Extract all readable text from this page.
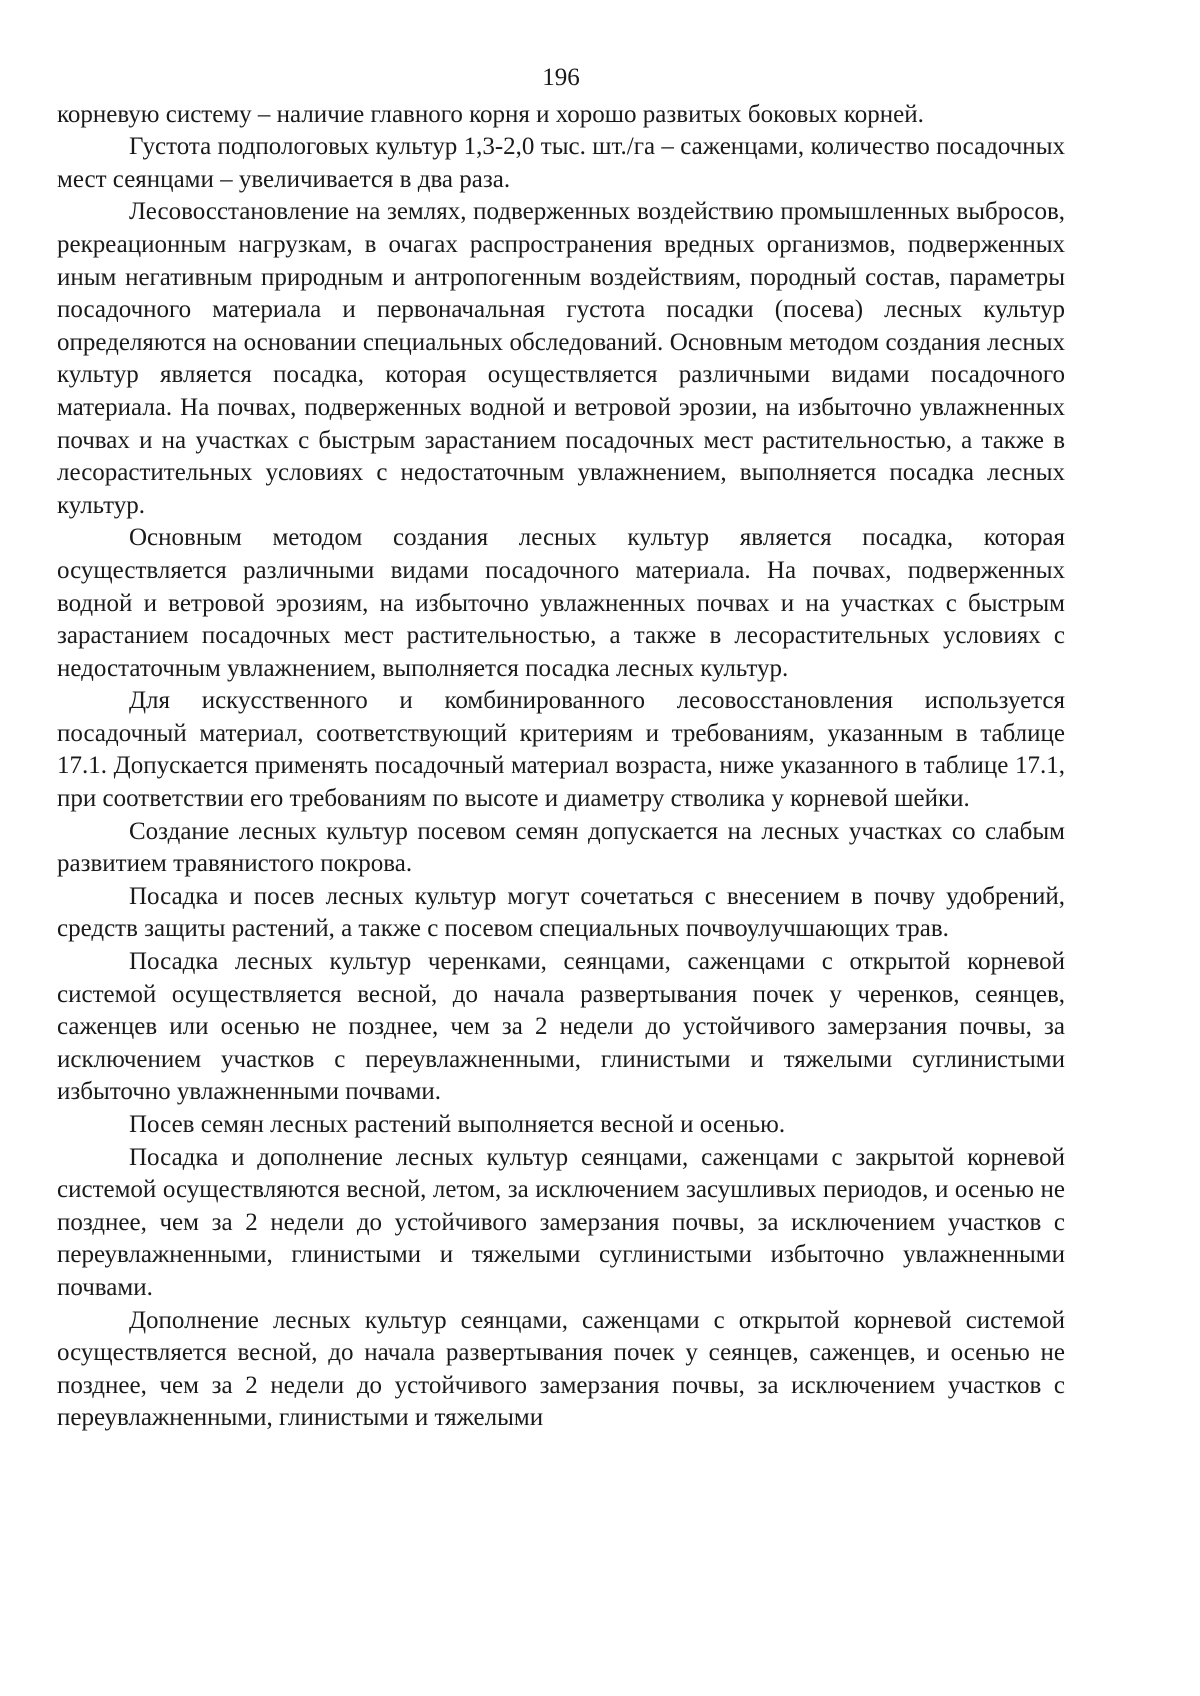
196

корневую систему – наличие главного корня и хорошо развитых боковых корней.

Густота подпологовых культур 1,3-2,0 тыс. шт./га – саженцами, количество посадочных мест сеянцами – увеличивается в два раза.

Лесовосстановление на землях, подверженных воздействию промышленных выбросов, рекреационным нагрузкам, в очагах распространения вредных организмов, подверженных иным негативным природным и антропогенным воздействиям, породный состав, параметры посадочного материала и первоначальная густота посадки (посева) лесных культур определяются на основании специальных обследований. Основным методом создания лесных культур является посадка, которая осуществляется различными видами посадочного материала. На почвах, подверженных водной и ветровой эрозии, на избыточно увлажненных почвах и на участках с быстрым зарастанием посадочных мест растительностью, а также в лесорастительных условиях с недостаточным увлажнением, выполняется посадка лесных культур.

Основным методом создания лесных культур является посадка, которая осуществляется различными видами посадочного материала. На почвах, подверженных водной и ветровой эрозиям, на избыточно увлажненных почвах и на участках с быстрым зарастанием посадочных мест растительностью, а также в лесорастительных условиях с недостаточным увлажнением, выполняется посадка лесных культур.

Для искусственного и комбинированного лесовосстановления используется посадочный материал, соответствующий критериям и требованиям, указанным в таблице 17.1. Допускается применять посадочный материал возраста, ниже указанного в таблице 17.1, при соответствии его требованиям по высоте и диаметру стволика у корневой шейки.

Создание лесных культур посевом семян допускается на лесных участках со слабым развитием травянистого покрова.

Посадка и посев лесных культур могут сочетаться с внесением в почву удобрений, средств защиты растений, а также с посевом специальных почвоулучшающих трав.

Посадка лесных культур черенками, сеянцами, саженцами с открытой корневой системой осуществляется весной, до начала развертывания почек у черенков, сеянцев, саженцев или осенью не позднее, чем за 2 недели до устойчивого замерзания почвы, за исключением участков с переувлажненными, глинистыми и тяжелыми суглинистыми избыточно увлажненными почвами.

Посев семян лесных растений выполняется весной и осенью.

Посадка и дополнение лесных культур сеянцами, саженцами с закрытой корневой системой осуществляются весной, летом, за исключением засушливых периодов, и осенью не позднее, чем за 2 недели до устойчивого замерзания почвы, за исключением участков с переувлажненными, глинистыми и тяжелыми суглинистыми избыточно увлажненными почвами.

Дополнение лесных культур сеянцами, саженцами с открытой корневой системой осуществляется весной, до начала развертывания почек у сеянцев, саженцев, и осенью не позднее, чем за 2 недели до устойчивого замерзания почвы, за исключением участков с переувлажненными, глинистыми и тяжелыми
